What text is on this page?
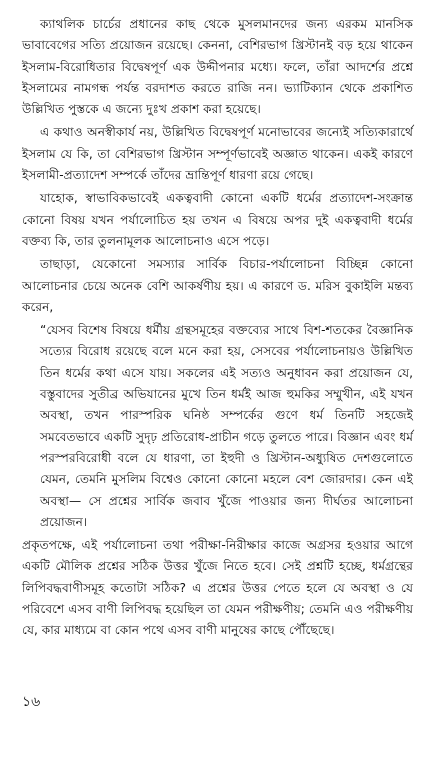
ক্যাথলিক চার্চের প্রধানের কাছ থেকে মুসলমানদের জন্য এরকম মানসিক ভাবাবেগের সত্যি প্রয়োজন রয়েছে। কেননা, বেশিরভাগ খ্রিস্টানই বড় হয়ে থাকেন ইসলাম-বিরোধিতার বিদ্বেষপূর্ণ এক উদ্দীপনার মধ্যে। ফলে, তাঁরা আদর্শের প্রশ্নে ইসলামের নামগন্ধ পর্যন্ত বরদাশত করতে রাজি নন। ভ্যাটিক্যান থেকে প্রকাশিত উল্লিখিত পুস্তকে এ জন্যে দুঃখ প্রকাশ করা হয়েছে।

এ কথাও অনস্বীকার্য নয়, উল্লিখিত বিদ্বেষপূর্ণ মনোভাবের জন্যেই সত্যিকারার্থে ইসলাম যে কি, তা বেশিরভাগ খ্রিস্টান সম্পূর্ণভাবেই অজ্ঞাত থাকেন। একই কারণে ইসলামী-প্রত্যাদেশ সম্পর্কে তাঁদের ভ্রান্তিপূর্ণ ধারণা রয়ে গেছে।

যাহোক, স্বাভাবিকভাবেই একত্ববাদী কোনো একটি ধর্মের প্রত্যাদেশ-সংক্রান্ত কোনো বিষয় যখন পর্যালোচিত হয় তখন এ বিষয়ে অপর দুই একত্ববাদী ধর্মের বক্তব্য কি, তার তুলনামূলক আলোচনাও এসে পড়ে।

তাছাড়া, যেকোনো সমস্যার সার্বিক বিচার-পর্যালোচনা বিচ্ছিন্ন কোনো আলোচনার চেয়ে অনেক বেশি আকর্ষণীয় হয়। এ কারণে ড. মরিস বুকাইলি মন্তব্য করেন,

“যেসব বিশেষ বিষয়ে ধর্মীয় গ্রন্থসমূহের বক্তব্যের সাথে বিশ-শতকের বৈজ্ঞানিক সত্যের বিরোধ রয়েছে বলে মনে করা হয়, সেসবের পর্যালোচনায়ও উল্লিখিত তিন ধর্মের কথা এসে যায়। সকলের এই সত্যও অনুধাবন করা প্রয়োজন যে, বস্তুবাদের সুতীব্র অভিযানের মুখে তিন ধর্মই আজ হুমকির সম্মুখীন, এই যখন অবস্থা, তখন পারস্পরিক ঘনিষ্ঠ সম্পর্কের গুণে ধর্ম তিনটি সহজেই সমবেতভাবে একটি সুদৃঢ় প্রতিরোধ-প্রাচীন গড়ে তুলতে পারে। বিজ্ঞান এবং ধর্ম পরস্পরবিরোধী বলে যে ধারণা, তা ইহুদী ও খ্রিস্টান-অধ্যুষিত দেশগুলোতে যেমন, তেমনি মুসলিম বিশ্বেও কোনো কোনো মহলে বেশ জোরদার। কেন এই অবস্থা— সে প্রশ্নের সার্বিক জবাব খুঁজে পাওয়ার জন্য দীর্ঘতর আলোচনা প্রয়োজন।

প্রকৃতপক্ষে, এই পর্যালোচনা তথা পরীক্ষা-নিরীক্ষার কাজে অগ্রসর হওয়ার আগে একটি মৌলিক প্রশ্নের সঠিক উত্তর খুঁজে নিতে হবে। সেই প্রশ্নটি হচ্ছে, ধর্মগ্রন্থের লিপিবদ্ধবাণীসমূহ কতোটা সঠিক? এ প্রশ্নের উত্তর পেতে হলে যে অবস্থা ও যে পরিবেশে এসব বাণী লিপিবদ্ধ হয়েছিল তা যেমন পরীক্ষণীয়; তেমনি এও পরীক্ষণীয় যে, কার মাধ্যমে বা কোন পথে এসব বাণী মানুষের কাছে পৌঁছেছে।

১৬
